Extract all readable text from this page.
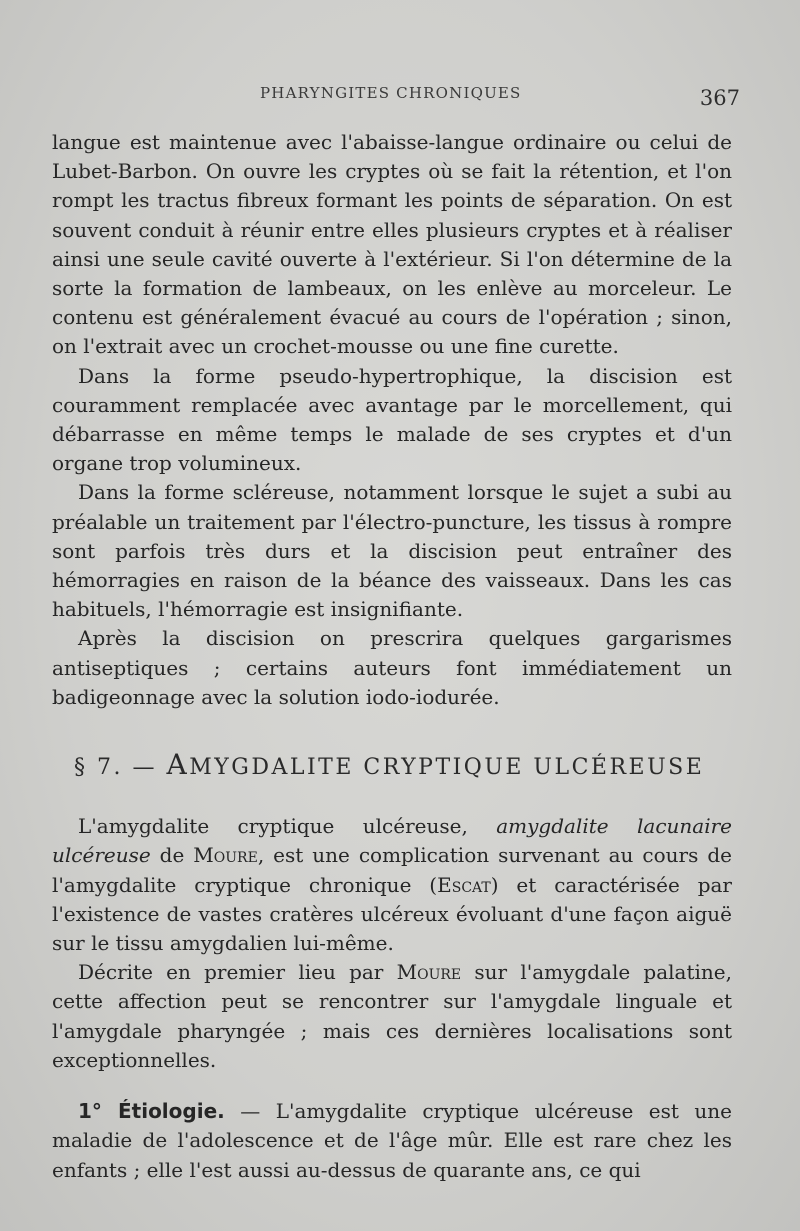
PHARYNGITES CHRONIQUES	367

langue est maintenue avec l'abaisse-langue ordinaire ou celui de Lubet-Barbon. On ouvre les cryptes où se fait la rétention, et l'on rompt les tractus fibreux formant les points de séparation. On est souvent conduit à réunir entre elles plusieurs cryptes et à réaliser ainsi une seule cavité ouverte à l'extérieur. Si l'on détermine de la sorte la formation de lambeaux, on les enlève au morceleur. Le contenu est généralement évacué au cours de l'opération ; sinon, on l'extrait avec un crochet-mousse ou une fine curette.

Dans la forme pseudo-hypertrophique, la discision est couramment remplacée avec avantage par le morcellement, qui débarrasse en même temps le malade de ses cryptes et d'un organe trop volumineux.

Dans la forme scléreuse, notamment lorsque le sujet a subi au préalable un traitement par l'électro-puncture, les tissus à rompre sont parfois très durs et la discision peut entraîner des hémorragies en raison de la béance des vaisseaux. Dans les cas habituels, l'hémorragie est insignifiante.

Après la discision on prescrira quelques gargarismes antiseptiques ; certains auteurs font immédiatement un badigeonnage avec la solution iodo-iodurée.

§ 7. — AMYGDALITE CRYPTIQUE ULCÉREUSE

L'amygdalite cryptique ulcéreuse, amygdalite lacunaire ulcéreuse de Moure, est une complication survenant au cours de l'amygdalite cryptique chronique (Escat) et caractérisée par l'existence de vastes cratères ulcéreux évoluant d'une façon aiguë sur le tissu amygdalien lui-même.

Décrite en premier lieu par Moure sur l'amygdale palatine, cette affection peut se rencontrer sur l'amygdale linguale et l'amygdale pharyngée ; mais ces dernières localisations sont exceptionnelles.

1° Étiologie. — L'amygdalite cryptique ulcéreuse est une maladie de l'adolescence et de l'âge mûr. Elle est rare chez les enfants ; elle l'est aussi au-dessus de quarante ans, ce qui
